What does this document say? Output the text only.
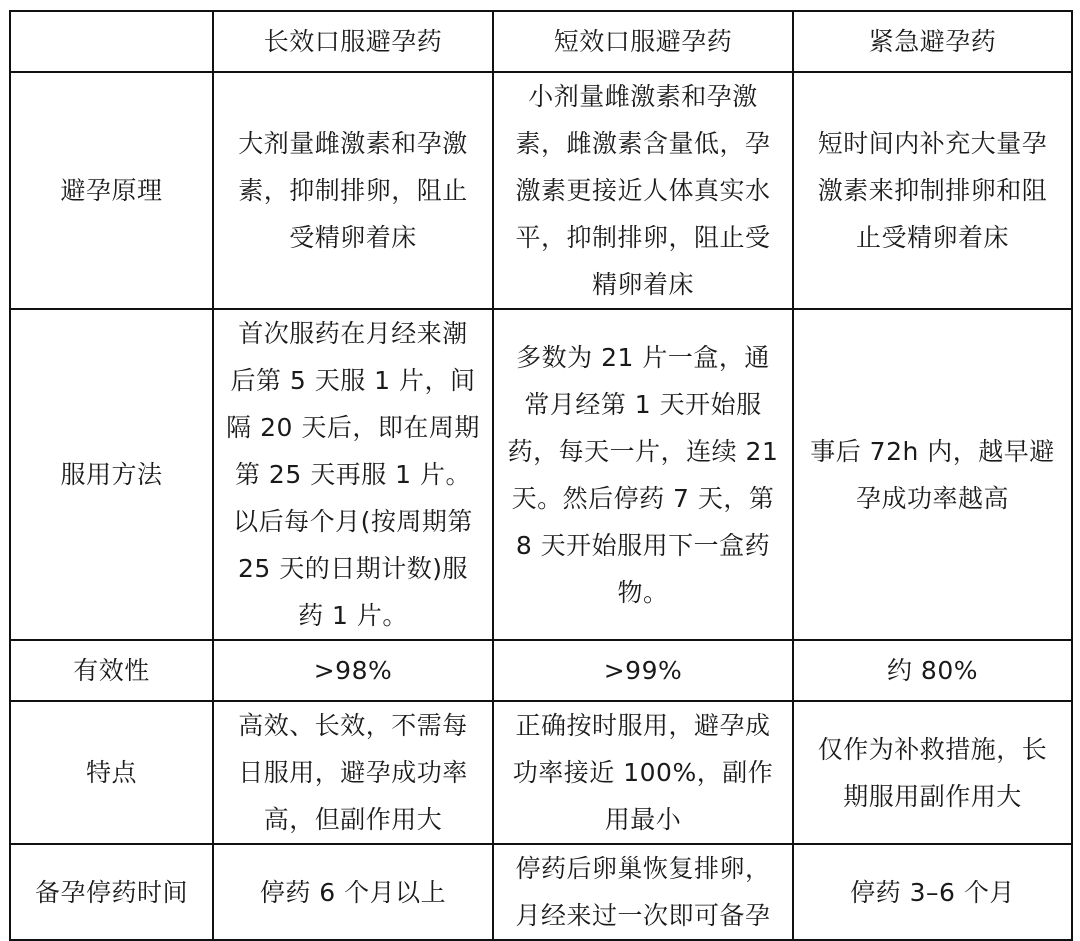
	长效口服避孕药	短效口服避孕药	紧急避孕药
避孕原理	大剂量雌激素和孕激素，抑制排卵，阻止受精卵着床	小剂量雌激素和孕激素，雌激素含量低，孕激素更接近人体真实水平，抑制排卵，阻止受精卵着床	短时间内补充大量孕激素来抑制排卵和阻止受精卵着床
服用方法	首次服药在月经来潮后第 5 天服 1 片，间隔 20 天后，即在周期第 25 天再服 1 片。以后每个月(按周期第 25 天的日期计数)服药 1 片。	多数为 21 片一盒，通常月经第 1 天开始服药，每天一片，连续 21 天。然后停药 7 天，第 8 天开始服用下一盒药物。	事后 72h 内，越早避孕成功率越高
有效性	>98%	>99%	约 80%
特点	高效、长效，不需每日服用，避孕成功率高，但副作用大	正确按时服用，避孕成功率接近 100%，副作用最小	仅作为补救措施，长期服用副作用大
备孕停药时间	停药 6 个月以上	停药后卵巢恢复排卵，月经来过一次即可备孕	停药 3–6 个月
